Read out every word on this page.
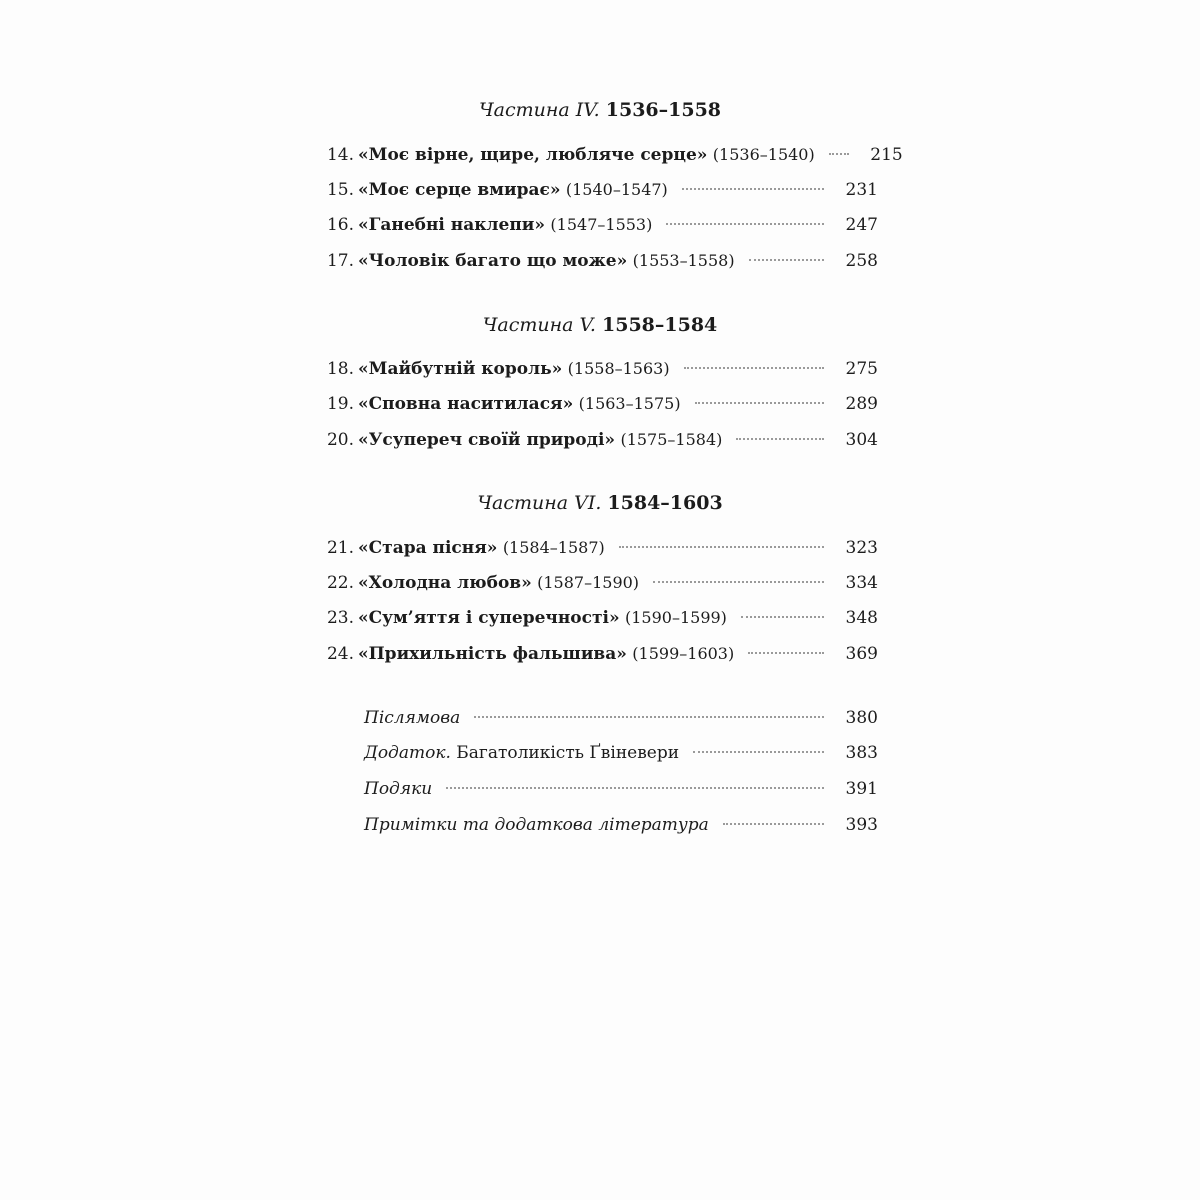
Частина IV. 1536–1558
14. «Моє вірне, щире, любляче серце» (1536–1540)	215
15. «Моє серце вмирає» (1540–1547)	231
16. «Ганебні наклепи» (1547–1553)	247
17. «Чоловік багато що може» (1553–1558)	258
Частина V. 1558–1584
18. «Майбутній король» (1558–1563)	275
19. «Сповна наситилася» (1563–1575)	289
20. «Усупереч своїй природі» (1575–1584)	304
Частина VI. 1584–1603
21. «Стара пісня» (1584–1587)	323
22. «Холодна любов» (1587–1590)	334
23. «Сум’яття і суперечності» (1590–1599)	348
24. «Прихильність фальшива» (1599–1603)	369
Післямова	380
Додаток. Багатоликість Ґвіневери	383
Подяки	391
Примітки та додаткова література	393
